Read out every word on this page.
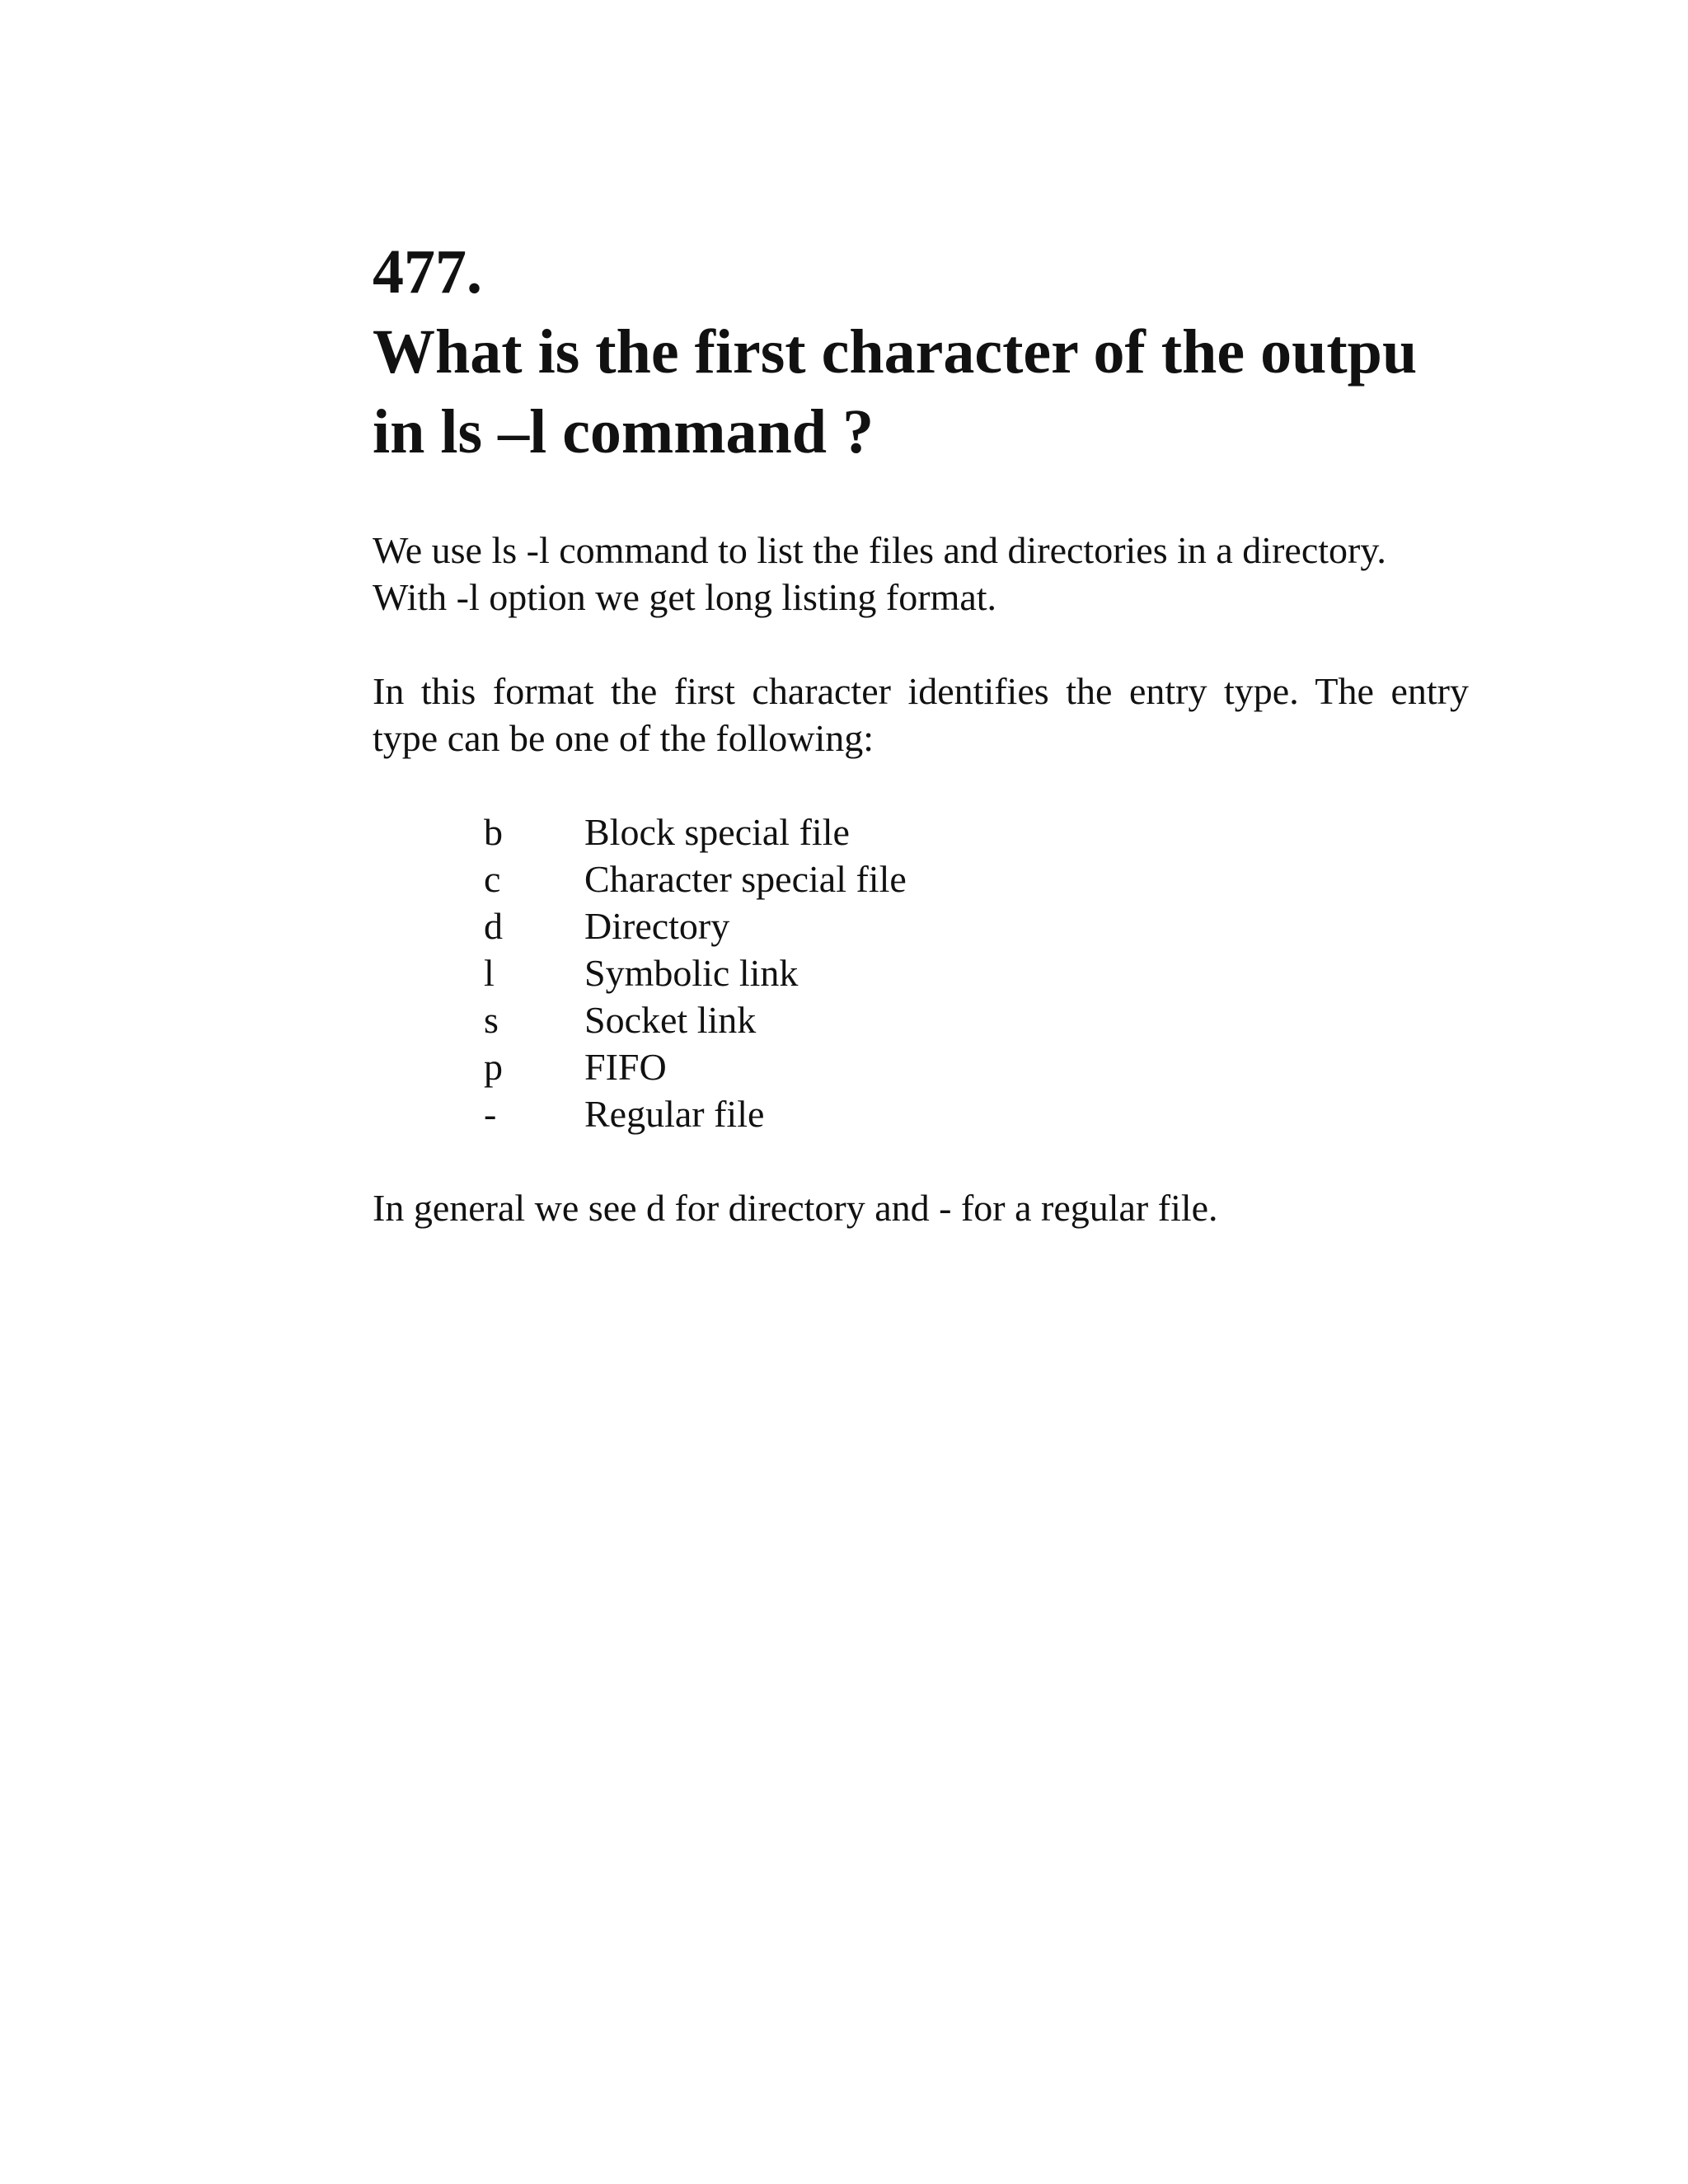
477.
What is the first character of the outpu
in ls –l command ?

We use ls -l command to list the files and directories in a directory.
With -l option we get long listing format.

In this format the first character identifies the entry type. The entry
type can be one of the following:

b	Block special file
c	Character special file
d	Directory
l	Symbolic link
s	Socket link
p	FIFO
-	Regular file

In general we see d for directory and - for a regular file.
